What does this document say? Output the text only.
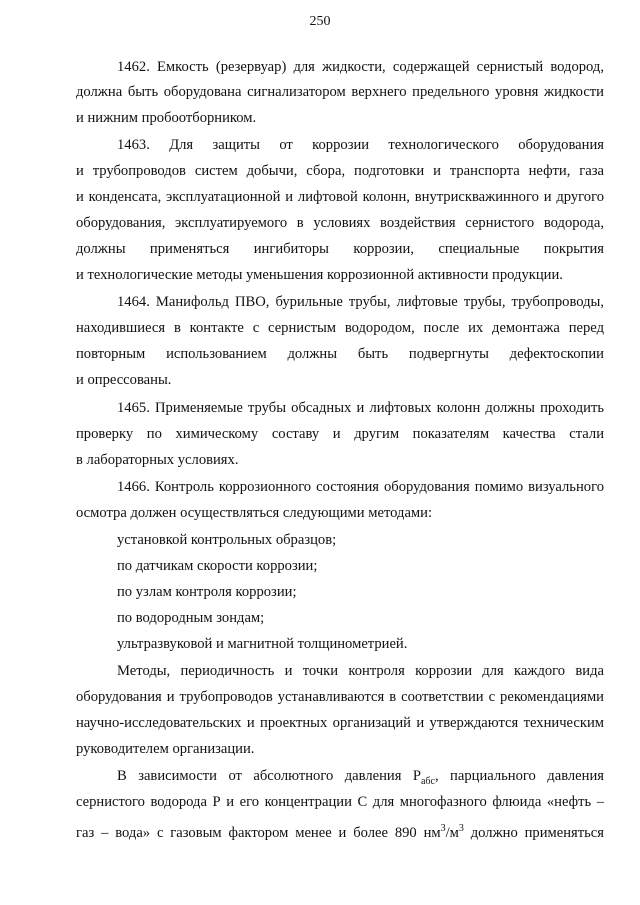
250
1462. Емкость (резервуар) для жидкости, содержащей сернистый водород,
должна быть оборудована сигнализатором верхнего предельного уровня жидкости
и нижним пробоотборником.
1463. Для защиты от коррозии технологического оборудования
и трубопроводов систем добычи, сбора, подготовки и транспорта нефти, газа
и конденсата, эксплуатационной и лифтовой колонн, внутрискважинного и другого
оборудования, эксплуатируемого в условиях воздействия сернистого водорода,
должны применяться ингибиторы коррозии, специальные покрытия
и технологические методы уменьшения коррозионной активности продукции.
1464. Манифольд ПВО, бурильные трубы, лифтовые трубы, трубопроводы,
находившиеся в контакте с сернистым водородом, после их демонтажа перед
повторным использованием должны быть подвергнуты дефектоскопии
и опрессованы.
1465. Применяемые трубы обсадных и лифтовых колонн должны проходить
проверку по химическому составу и другим показателям качества стали
в лабораторных условиях.
1466. Контроль коррозионного состояния оборудования помимо визуального
осмотра должен осуществляться следующими методами:
установкой контрольных образцов;
по датчикам скорости коррозии;
по узлам контроля коррозии;
по водородным зондам;
ультразвуковой и магнитной толщинометрией.
Методы, периодичность и точки контроля коррозии для каждого вида
оборудования и трубопроводов устанавливаются в соответствии с рекомендациями
научно-исследовательских и проектных организаций и утверждаются техническим
руководителем организации.
В зависимости от абсолютного давления $Р_{абс}$, парциального давления
сернистого водорода Р и его концентрации С для многофазного флюида «нефть –
газ – вода» с газовым фактором менее и более 890 $нм^3/м^3$ должно применяться
